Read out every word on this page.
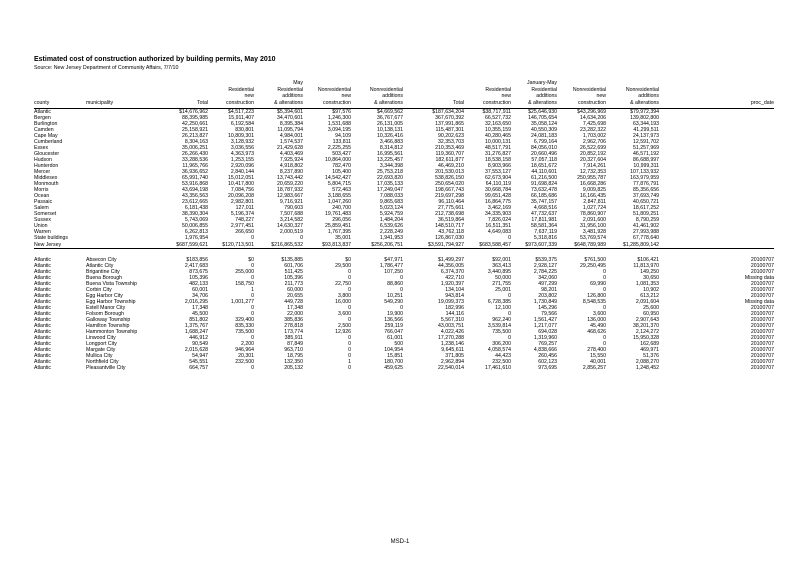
Estimated cost of construction authorized by building permits, May 2010
Source: New Jersey Department of Community Affairs, 7/7/10
county	municipality	Total	Residential
new
construction	May
Residential
additions
& alterations	Nonresidential
new
construction	Nonresidential
additions
& alterations	Total	Residential
new
construction	January-May
Residential
additions
& alterations	Nonresidential
new
construction	Nonresidential
additions
& alterations	proc_date
Atlantic		$14,676,962	$4,517,223	$5,394,601	$97,576	$4,669,562	$187,634,204	$38,717,911	$25,646,930	$43,296,969	$79,972,394	
Bergen		88,395,985	15,911,407	34,470,601	1,246,300	36,767,677	367,670,392	66,527,732	146,705,654	14,634,206	139,802,800	
Burlington		42,250,661	6,192,584	8,395,384	1,531,688	26,131,005	137,991,865	32,163,650	35,058,124	7,425,698	63,344,193	
Camden		25,158,921	830,801	11,095,794	3,094,195	10,138,131	115,487,301	10,355,159	40,550,309	23,282,322	41,299,511	
Cape May		26,213,827	10,809,301	4,984,001	94,109	10,326,416	90,202,623	40,280,465	24,081,183	1,703,002	24,137,973	
Cumberland		8,304,163	3,128,932	1,574,537	133,811	3,466,883	32,353,703	10,000,131	6,799,164	2,962,706	12,591,702	
Essex		35,006,251	3,036,556	21,429,628	2,225,255	8,314,812	210,353,469	48,517,791	84,056,010	26,522,699	51,257,969	
Gloucester		26,266,430	4,363,973	4,403,469	503,427	16,995,561	119,360,707	31,276,827	20,660,496	20,852,192	46,571,192	
Hudson		33,288,536	1,253,155	7,925,924	10,864,000	13,225,457	182,611,877	18,538,158	57,057,118	20,327,604	86,688,997	
Hunterdon		11,965,766	2,920,096	4,918,802	782,470	3,344,398	46,469,210	8,903,966	18,651,672	7,914,261	10,999,311	
Mercer		36,936,652	2,840,144	8,237,890	105,400	25,753,218	201,530,013	37,553,127	44,110,601	12,732,353	107,133,932	
Middlesex		65,991,740	15,012,051	13,743,442	14,542,427	22,693,820	538,826,150	62,673,904	61,216,500	250,955,787	163,979,959	
Monmouth		53,916,868	10,417,800	20,659,220	5,804,715	17,035,133	250,654,020	64,110,119	91,698,824	16,668,286	77,876,791	
Morris		43,694,198	7,084,756	18,787,932	572,463	17,249,047	198,667,743	30,668,784	73,632,478	9,009,825	85,356,656	
Ocean		43,356,563	20,096,208	12,983,667	3,188,655	7,088,033	219,697,298	99,651,428	66,185,686	16,166,435	37,693,749	
Passaic		23,612,665	2,982,801	9,716,921	1,047,260	9,865,683	96,110,464	16,864,775	35,747,157	2,847,811	40,650,721	
Salem		6,181,438	127,011	790,603	240,700	5,023,124	27,775,661	3,462,169	4,668,516	1,027,724	18,617,252	
Somerset		38,390,304	5,196,374	7,507,688	19,761,483	5,924,759	212,738,698	34,335,903	47,732,637	78,860,907	51,809,251	
Sussex		5,743,069	748,227	3,214,582	296,056	1,484,204	36,519,864	7,826,024	17,811,981	2,091,600	8,790,259	
Union		50,006,855	2,977,451	14,630,327	25,859,451	6,539,626	148,510,717	16,511,351	58,581,364	31,956,100	41,461,902	
Warren		6,262,813	266,650	2,000,519	1,767,395	2,228,249	43,762,118	4,649,083	7,637,119	3,481,928	27,993,988	
State buildings		1,976,954	0	0	35,001	1,941,953	126,867,030	0	5,318,816	53,769,574	67,778,640	
New Jersey		$687,599,621	$120,713,501	$216,865,532	$93,813,837	$256,206,751	$3,591,794,927	$683,588,457	$973,607,339	$648,789,989	$1,285,809,142	

Atlantic	Absecon City	$183,856	$0	$135,885	$0	$47,971	$1,499,297	$92,001	$539,375	$761,500	$106,421	20100707
Atlantic	Atlantic City	2,417,683	0	601,706	29,500	1,786,477	44,356,005	363,413	2,928,127	29,250,495	11,813,970	20100707
Atlantic	Brigantine City	873,675	255,000	511,425	0	107,250	6,374,370	3,440,895	2,784,225	0	149,250	20100707
Atlantic	Buena Borough	105,396	0	105,396	0	0	422,710	50,000	342,060	0	30,650	Missing data
Atlantic	Buena Vista Township	482,133	158,750	211,773	22,750	88,860	1,920,397	271,755	497,299	69,990	1,081,353	20100707
Atlantic	Corbin City	60,001	1	60,000	0	0	134,104	25,001	98,201	0	10,902	20100707
Atlantic	Egg Harbor City	34,706	0	20,655	3,800	10,251	943,814	0	203,802	126,800	613,212	20100707
Atlantic	Egg Harbor Township	2,016,295	1,001,277	449,728	16,000	549,290	19,099,373	6,728,385	1,730,849	8,548,535	2,091,604	Missing data
Atlantic	Estell Manor City	17,348	0	17,348	0	0	182,996	12,100	145,296	0	25,600	20100707
Atlantic	Folsom Borough	45,500	0	22,000	3,600	19,900	144,116	0	79,566	3,600	60,950	20100707
Atlantic	Galloway Township	851,802	329,400	385,836	0	136,566	5,567,310	962,240	1,561,427	136,000	2,907,643	20100707
Atlantic	Hamilton Township	1,375,767	835,330	278,818	2,500	259,119	43,003,751	3,539,814	1,217,077	45,490	38,201,370	20100707
Atlantic	Hammonton Township	1,688,247	735,500	173,774	12,926	766,047	4,022,426	735,500	694,028	468,626	2,124,272	20100707
Atlantic	Linwood City	446,912	0	385,911	0	61,001	17,270,288	0	1,319,960	0	15,950,328	20100707
Atlantic	Longport City	90,549	2,200	87,849	0	500	1,238,146	306,200	769,257	0	162,689	20100707
Atlantic	Margate City	2,015,628	946,964	963,710	0	104,954	9,645,611	4,058,574	4,838,666	278,400	469,971	20100707
Atlantic	Mullica City	54,947	20,301	18,795	0	15,851	371,805	44,423	260,456	15,550	51,376	20100707
Atlantic	Northfield City	545,551	232,500	132,350	1	180,700	2,962,894	232,500	602,123	40,001	2,088,270	20100707
Atlantic	Pleasantville City	664,757	0	205,132	0	459,625	22,540,014	17,461,610	973,695	2,856,257	1,248,452	20100707
MSD-1
